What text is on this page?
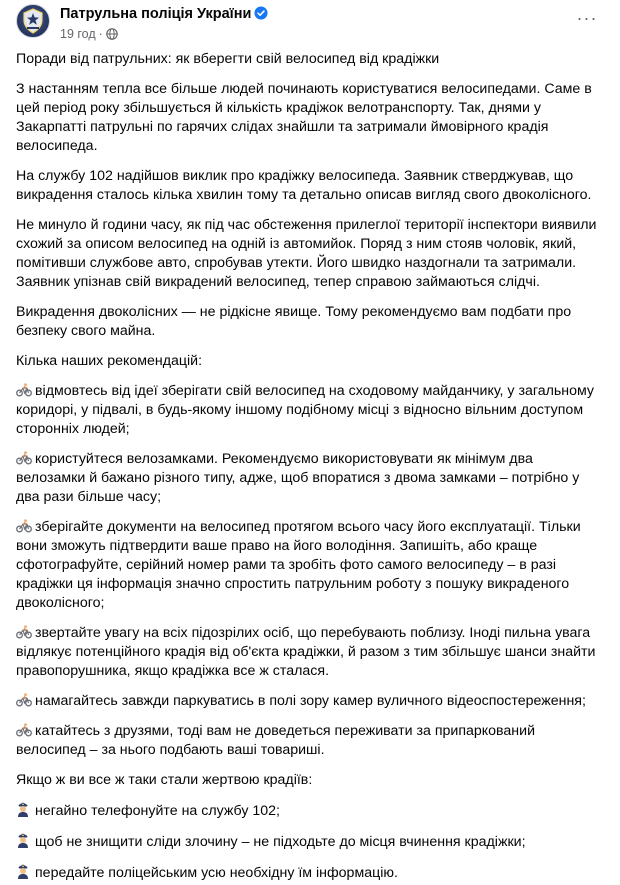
Патрульна поліція України
19 год ·
···

Поради від патрульних: як вберегти свій велосипед від крадіжки

З настанням тепла все більше людей починають користуватися велосипедами. Саме в цей період року збільшується й кількість крадіжок велотранспорту. Так, днями у Закарпатті патрульні по гарячих слідах знайшли та затримали ймовірного крадія велосипеда.

На службу 102 надійшов виклик про крадіжку велосипеда. Заявник стверджував, що викрадення сталось кілька хвилин тому та детально описав вигляд свого двоколісного.

Не минуло й години часу, як під час обстеження прилеглої території інспектори виявили схожий за описом велосипед на одній із автомийок. Поряд з ним стояв чоловік, який, помітивши службове авто, спробував утекти. Його швидко наздогнали та затримали. Заявник упізнав свій викрадений велосипед, тепер справою займаються слідчі.

Викрадення двоколісних — не рідкісне явище. Тому рекомендуємо вам подбати про безпеку свого майна.

Кількa наших рекомендацій:

відмовтесь від ідеї зберігати свій велосипед на сходовому майданчику, у загальному коридорі, у підвалі, в будь-якому іншому подібному місці з відносно вільним доступом сторонніх людей;

користуйтеся велозамками. Рекомендуємо використовувати як мінімум два велозамки й бажано різного типу, адже, щоб впоратися з двома замками – потрібно у два рази більше часу;

зберігайте документи на велосипед протягом всього часу його експлуатації. Тільки вони зможуть підтвердити ваше право на його володіння. Запишіть, або краще сфотографуйте, серійний номер рами та зробіть фото самого велосипеду – в разі крадіжки ця інформація значно спростить патрульним роботу з пошуку викраденого двоколісного;

звертайте увагу на всіх підозрілих осіб, що перебувають поблизу. Іноді пильна увага відлякує потенційного крадія від об'єкта крадіжки, й разом з тим збільшує шанси знайти правопорушника, якщо крадіжка все ж сталася.

намагайтесь завжди паркуватись в полі зору камер вуличного відеоспостереження;

катайтесь з друзями, тоді вам не доведеться переживати за припаркований велосипед – за нього подбають ваші товариші.

Якщо ж ви все ж таки стали жертвою крадіїв:

негайно телефонуйте на службу 102;

щоб не знищити сліди злочину – не підходьте до місця вчинення крадіжки;

передайте поліцейським усю необхідну їм інформацію.
